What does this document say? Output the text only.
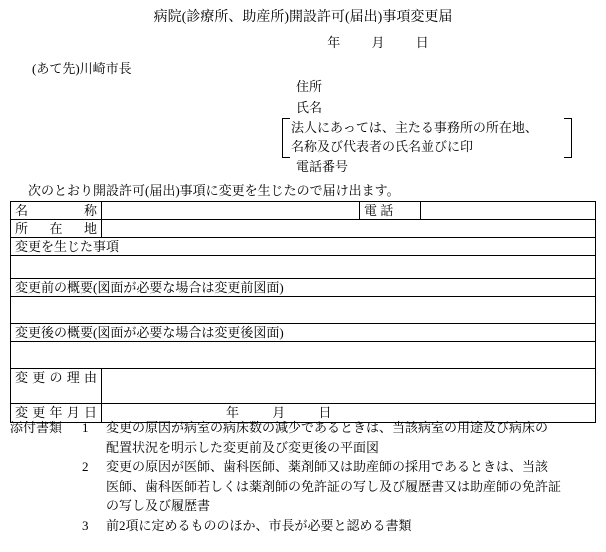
病院(診療所、助産所)開設許可(届出)事項変更届
年 月 日
(あて先)川崎市長
住所
氏名
法人にあっては、主たる事務所の所在地、
名称及び代表者の氏名並びに印
電話番号
次のとおり開設許可(届出)事項に変更を生じたので届け出ます。
名 称		電 話	

所 在 地			

変更を生じた事項			

変更前の概要(図面が必要な場合は変更前図面)			

変更後の概要(図面が必要な場合は変更後図面)			

変 更 の 理 由			

変 更 年 月 日	年 月 日		
添付書類	1	変更の原因が病室の病床数の減少であるときは、当該病室の用途及び病床の
配置状況を明示した変更前及び変更後の平面図
2	変更の原因が医師、歯科医師、薬剤師又は助産師の採用であるときは、当該
医師、歯科医師若しくは薬剤師の免許証の写し及び履歴書又は助産師の免許証
の写し及び履歴書
3	前2項に定めるもののほか、市長が必要と認める書類
